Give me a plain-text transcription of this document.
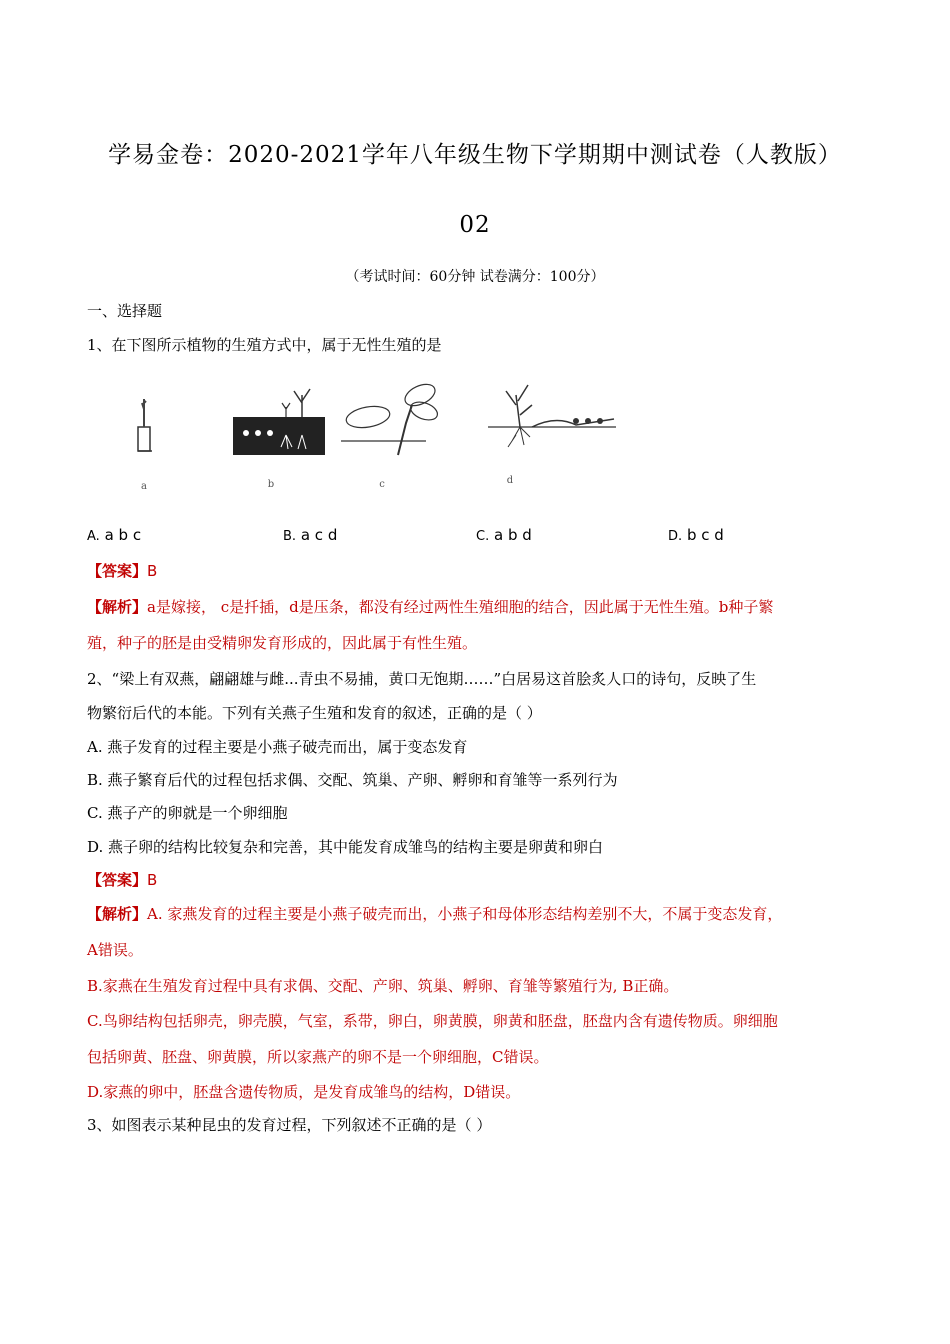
学易金卷：2020-2021学年八年级生物下学期期中测试卷（人教版）
02
（考试时间：60分钟 试卷满分：100分）
一、选择题
1、在下图所示植物的生殖方式中，属于无性生殖的是
a	b	c	d
A. a b c	B. a c d	C. a b d	D. b c d
【答案】B
【解析】a是嫁接， c是扦插，d是压条，都没有经过两性生殖细胞的结合，因此属于无性生殖。b种子繁
殖，种子的胚是由受精卵发育形成的，因此属于有性生殖。
2、“梁上有双燕，翩翩雄与雌...青虫不易捕，黄口无饱期……”白居易这首脍炙人口的诗句，反映了生
物繁衍后代的本能。下列有关燕子生殖和发育的叙述，正确的是（ ）
A. 燕子发育的过程主要是小燕子破壳而出，属于变态发育
B. 燕子繁育后代的过程包括求偶、交配、筑巢、产卵、孵卵和育雏等一系列行为
C. 燕子产的卵就是一个卵细胞
D. 燕子卵的结构比较复杂和完善，其中能发育成雏鸟的结构主要是卵黄和卵白
【答案】B
【解析】A. 家燕发育的过程主要是小燕子破壳而出，小燕子和母体形态结构差别不大，不属于变态发育，
A错误。
B.家燕在生殖发育过程中具有求偶、交配、产卵、筑巢、孵卵、育雏等繁殖行为, B正确。
C.鸟卵结构包括卵壳，卵壳膜，气室，系带，卵白，卵黄膜，卵黄和胚盘，胚盘内含有遗传物质。卵细胞
包括卵黄、胚盘、卵黄膜，所以家燕产的卵不是一个卵细胞，C错误。
D.家燕的卵中，胚盘含遗传物质，是发育成雏鸟的结构，D错误。
3、如图表示某种昆虫的发育过程，下列叙述不正确的是（ ）
